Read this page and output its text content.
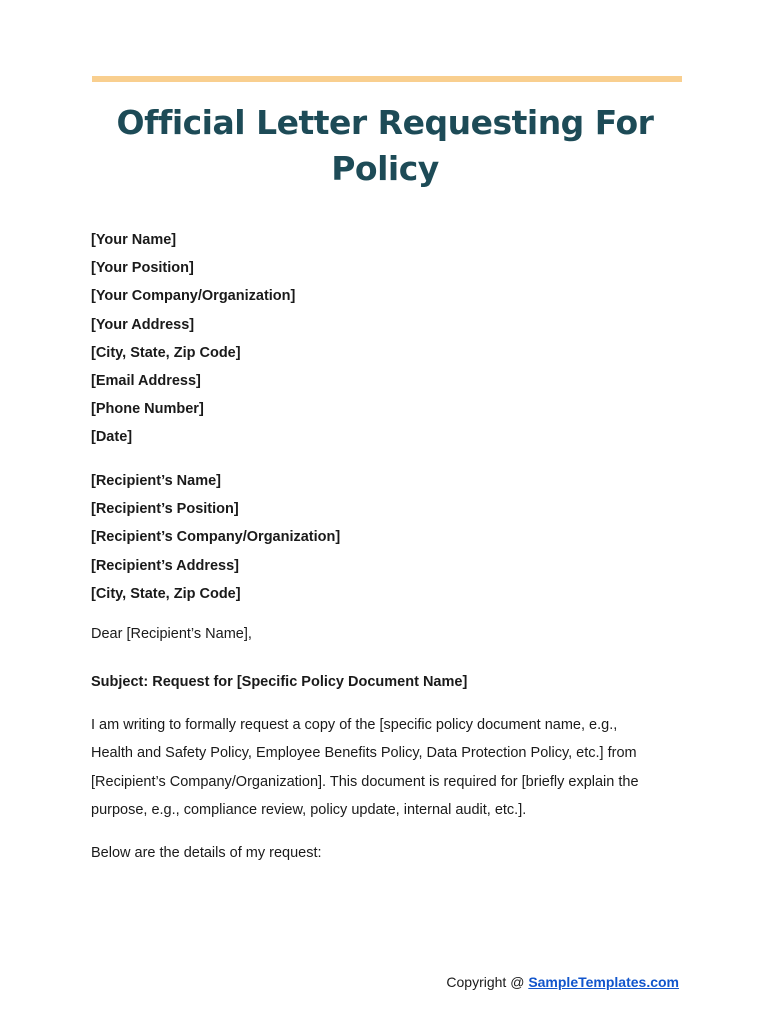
Official Letter Requesting For Policy
[Your Name]
[Your Position]
[Your Company/Organization]
[Your Address]
[City, State, Zip Code]
[Email Address]
[Phone Number]
[Date]
[Recipient’s Name]
[Recipient’s Position]
[Recipient’s Company/Organization]
[Recipient’s Address]
[City, State, Zip Code]
Dear [Recipient’s Name],
Subject: Request for [Specific Policy Document Name]
I am writing to formally request a copy of the [specific policy document name, e.g.,
Health and Safety Policy, Employee Benefits Policy, Data Protection Policy, etc.] from
[Recipient’s Company/Organization]. This document is required for [briefly explain the
purpose, e.g., compliance review, policy update, internal audit, etc.].
Below are the details of my request:
Copyright @ SampleTemplates.com
